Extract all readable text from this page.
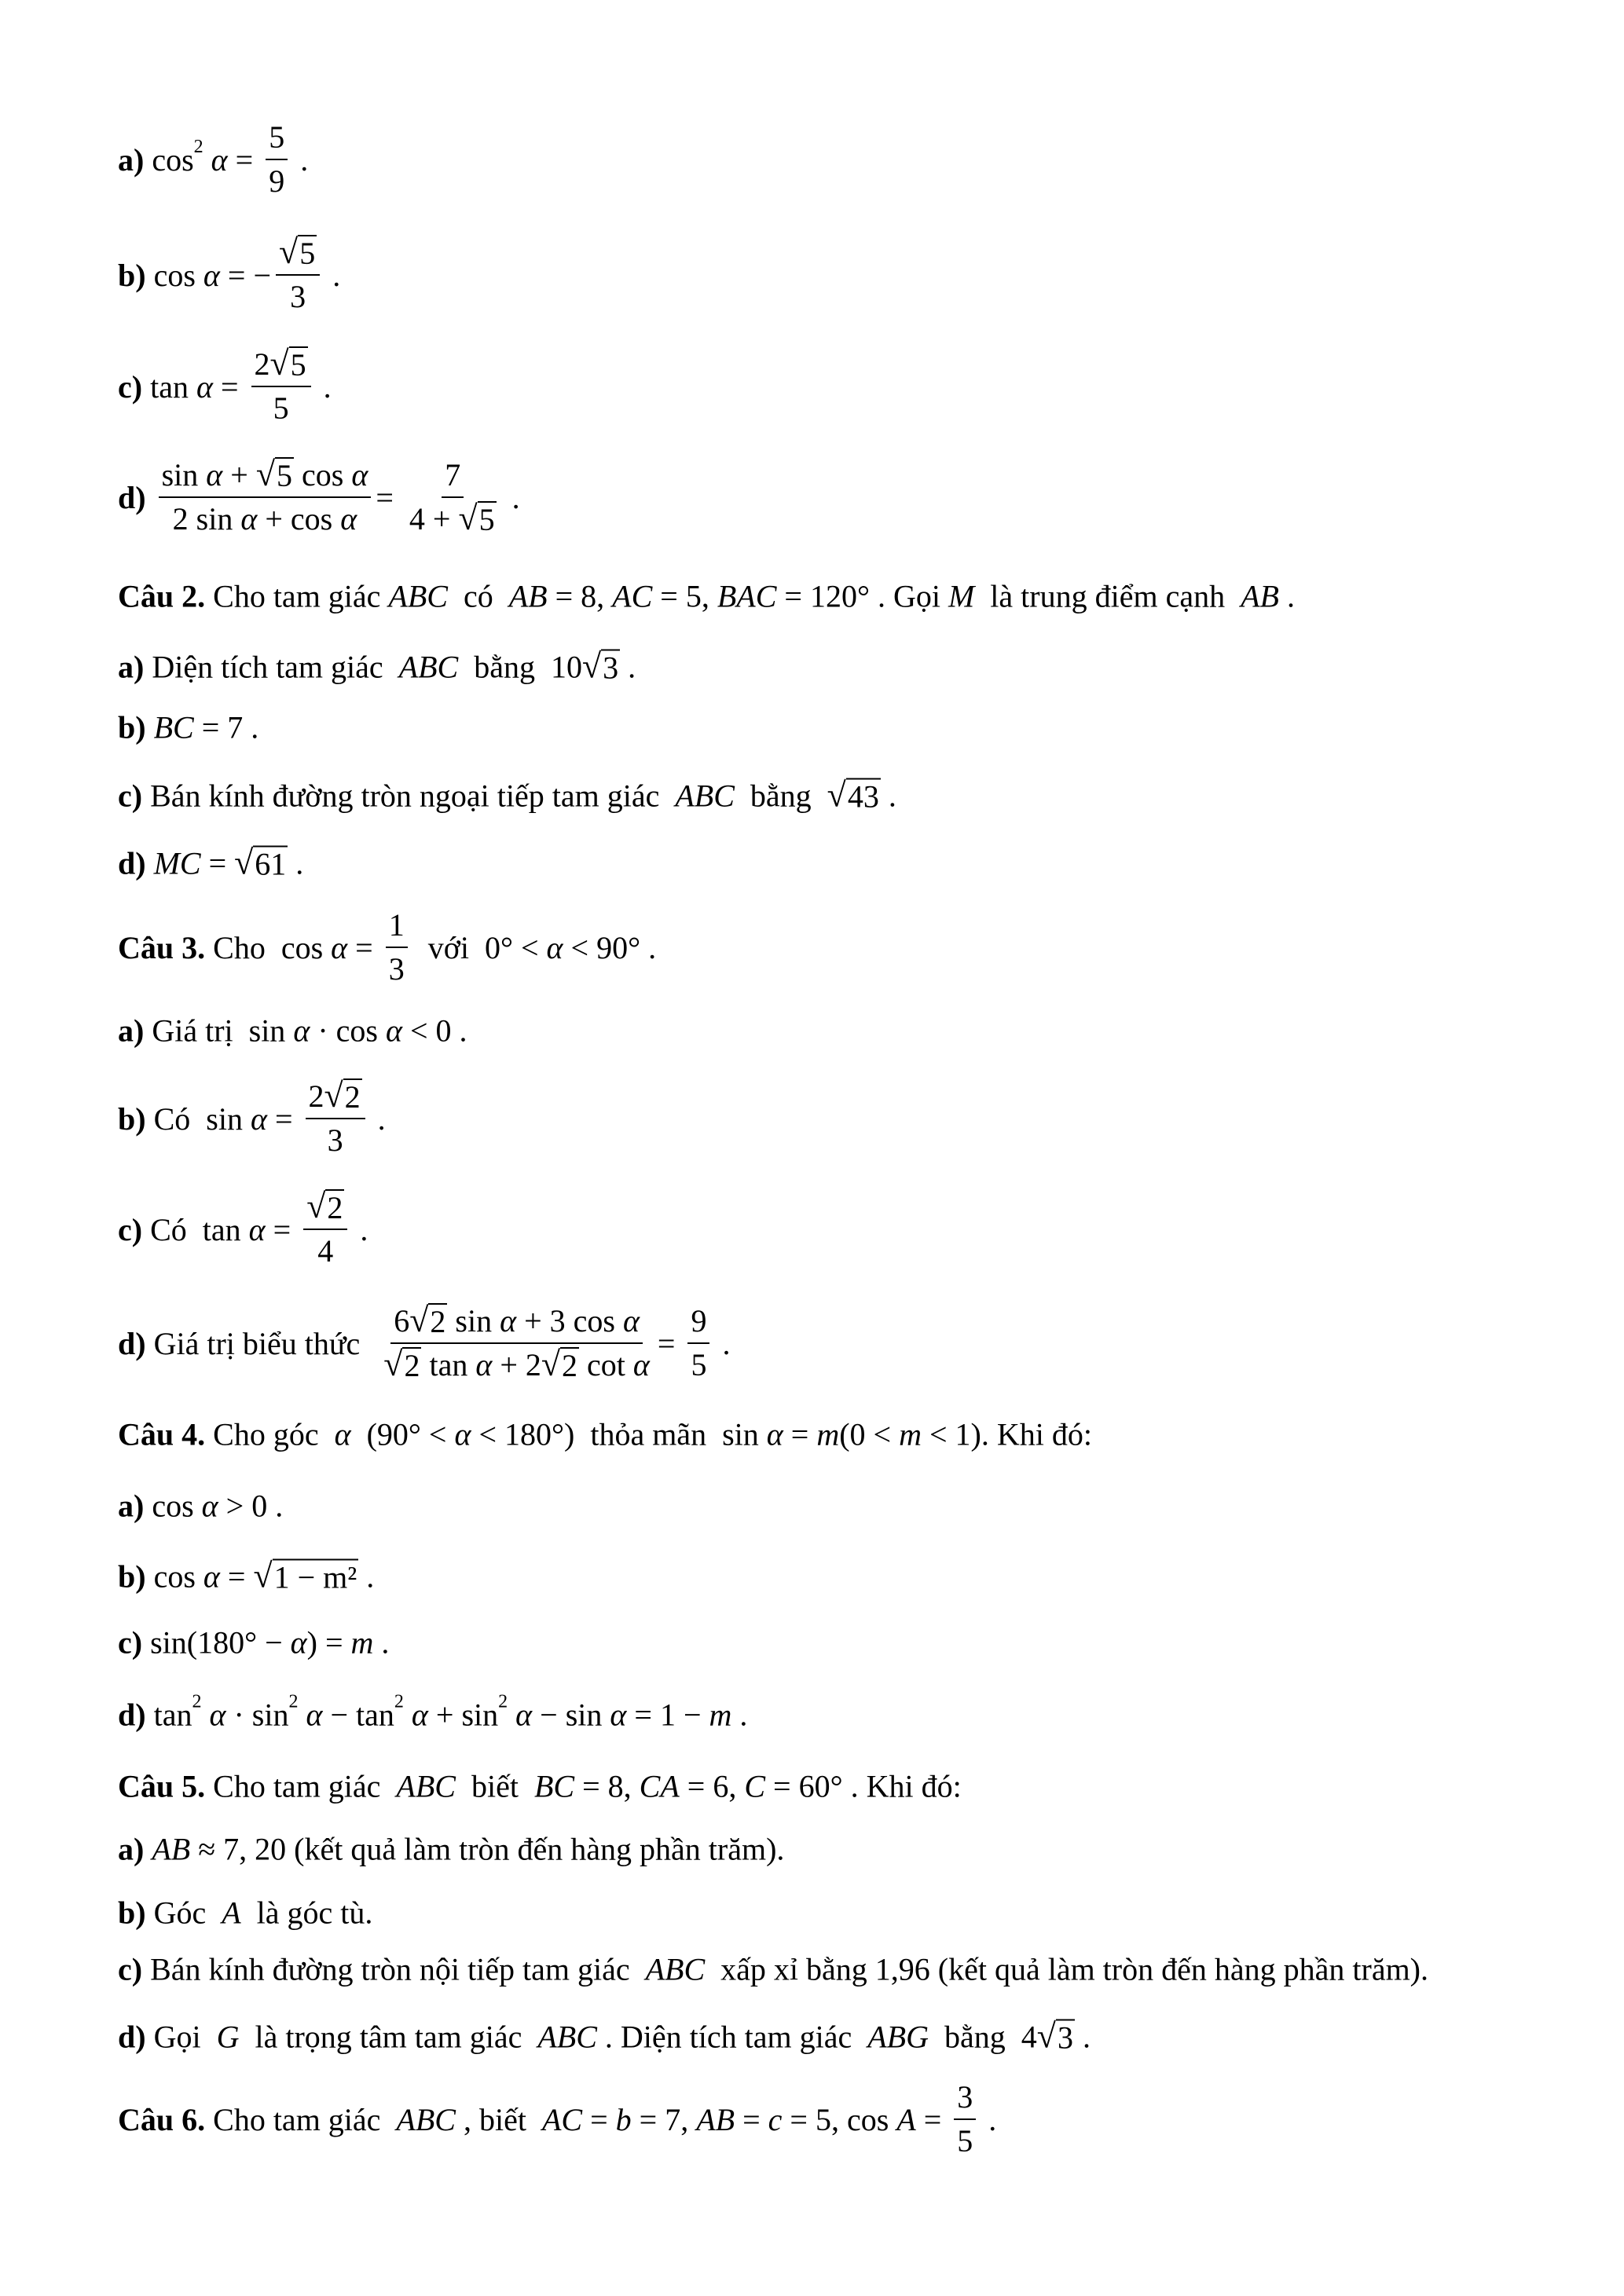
a) cos 2 $\alpha = \frac{5}{9}$ .
b) cos α = − $\frac{√ 5}{3}$ .
c) $\tan \alpha = \frac{2 √ 5}{5}$ .
$d) \frac{\text{sin α + √ 5 cos α}}{\text{2 sin α + cos α}} = \frac{7}{4 + √ 5}$ .
Câu 2. Cho tam giác ABC có AB = 8, AC = 5, BAC = 120° . Gọi M là trung điểm cạnh AB .
a) Diện tích tam giác ABC bằng  10 √ 3 .
b) BC = 7 .
c) Bán kính đường tròn ngoại tiếp tam giác ABC bằng √ 43 .
d) MC = √ 61 .
Câu 3. Cho  $\cos \alpha = \frac{1}{3}$ với  0° < α < 90° .
a) Giá trị  sin α · cos α < 0 .
b) Có  $\sin \alpha = \frac{2 √ 2}{3}$ .
c) Có  $\tan \alpha = \frac{√ 2}{4}$ .
d) Giá trị biểu thức $\frac{\text{6 √ 2 sin α + 3 cos α}}{\text{√ 2 tan α + 2 √ 2 cot α}} = \frac{9}{5}$ .
Câu 4. Cho góc α (90° < α < 180°)  thỏa mãn  sin α = m (0 < m < 1). Khi đó:
a) cos α > 0 .
b) cos α = √ 1 − m² .
c) sin(180° − α ) = m .
d) tan 2 α · sin 2 α − tan 2 α + sin 2 α − sin α = 1 − m .
Câu 5. Cho tam giác ABC biết BC = 8, CA = 6, C = 60° . Khi đó:
a) AB ≈ 7, 20 (kết quả làm tròn đến hàng phần trăm).
b) Góc A là góc tù.
c) Bán kính đường tròn nội tiếp tam giác ABC xấp xỉ bằng 1,96 (kết quả làm tròn đến hàng phần trăm).
d) Gọi G là trọng tâm tam giác ABC . Diện tích tam giác ABG bằng  4 √ 3 .
Câu 6. Cho tam giác ABC , biết AC = b = 7, AB = c = 5, $\cos A = \frac{3}{5}$ .
